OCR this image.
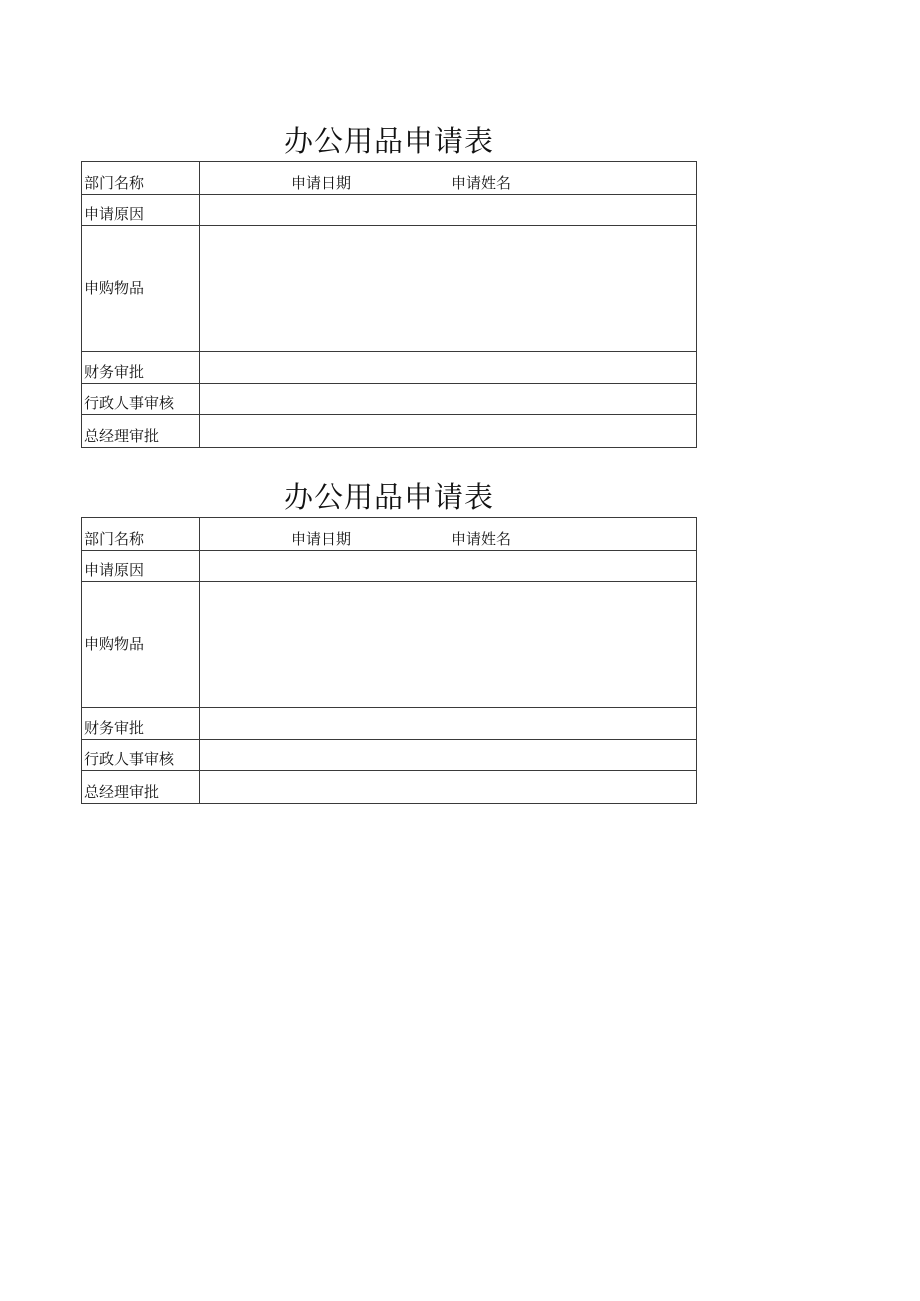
办公用品申请表
部门名称	申请日期 申请姓名

申请原因	
申购物品	
财务审批	
行政人事审核	
总经理审批	
办公用品申请表
部门名称	申请日期 申请姓名

申请原因	
申购物品	
财务审批	
行政人事审核	
总经理审批	
